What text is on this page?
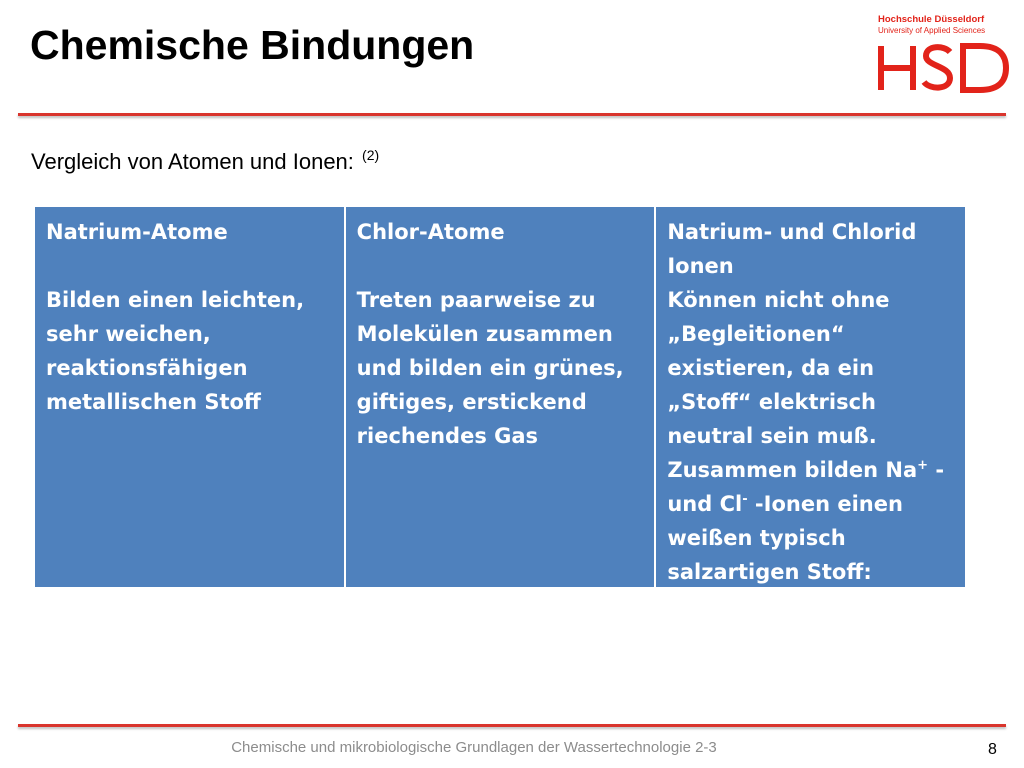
Chemische Bindungen
Hochschule Düsseldorf
University of Applied Sciences
Vergleich von Atomen und Ionen: $^{(2)}$
Natrium-Atome
Bilden einen leichten, sehr weichen, reaktionsfähigen metallischen Stoff
Chlor-Atome
Treten paarweise zu Molekülen zusammen und bilden ein grünes, giftiges, erstickend riechendes Gas
Natrium- und Chlorid Ionen
Können nicht ohne „Begleitionen“ existieren, da ein „Stoff“ elektrisch neutral sein muß. Zusammen bilden Na+ - und Cl- -Ionen einen weißen typisch salzartigen Stoff: Kochsalz
Chemische und mikrobiologische Grundlagen der Wassertechnologie 2-3	8
